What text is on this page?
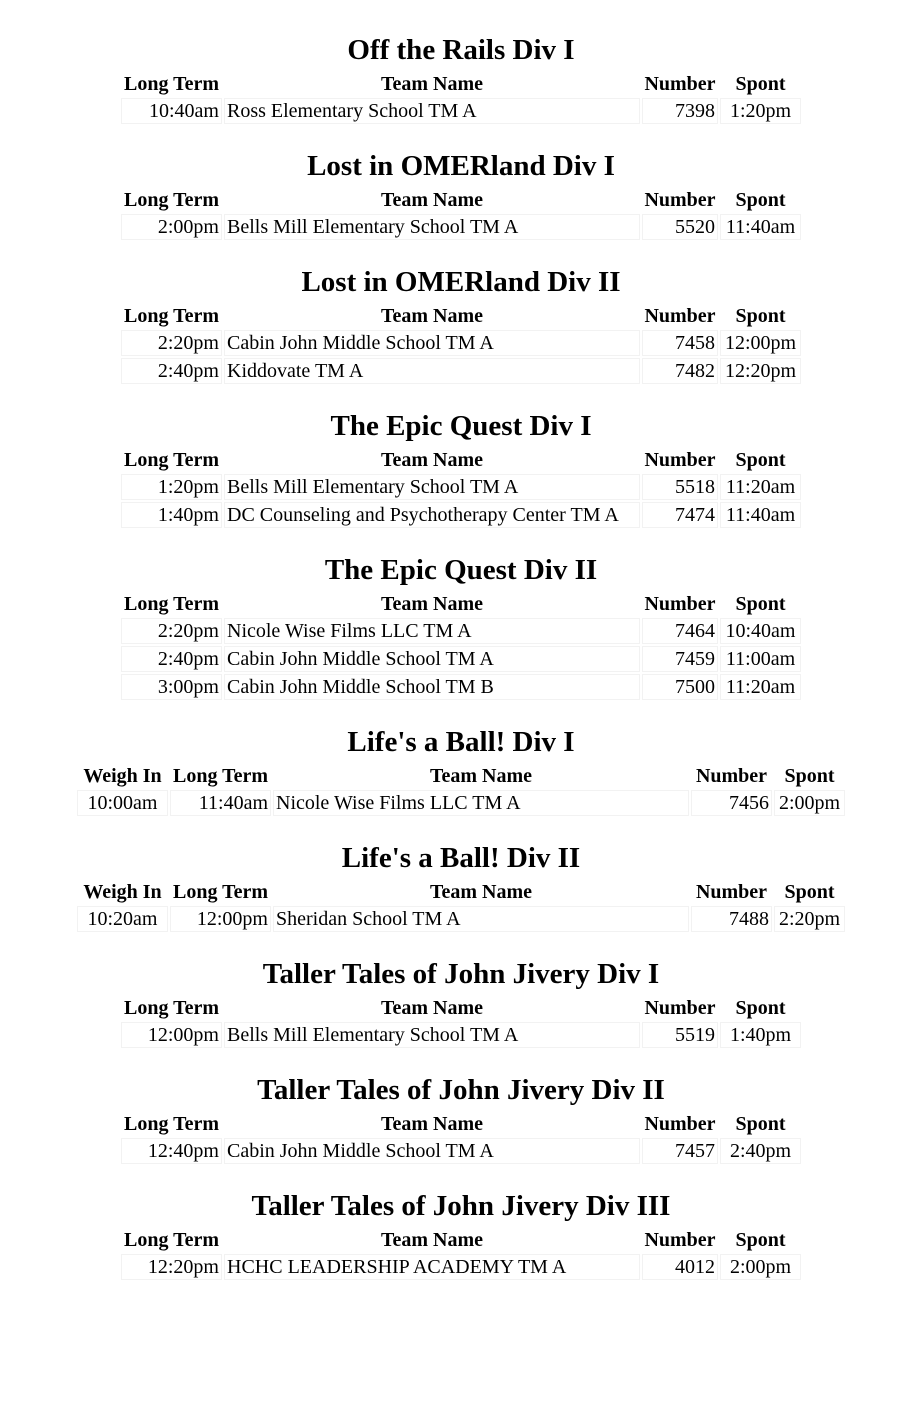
Off the Rails Div I
Long Term	Team Name	Number	Spont
10:40am	Ross Elementary School TM A	7398	1:20pm
Lost in OMERland Div I
Long Term	Team Name	Number	Spont
2:00pm	Bells Mill Elementary School TM A	5520	11:40am
Lost in OMERland Div II
Long Term	Team Name	Number	Spont
2:20pm	Cabin John Middle School TM A	7458	12:00pm
2:40pm	Kiddovate TM A	7482	12:20pm
The Epic Quest Div I
Long Term	Team Name	Number	Spont
1:20pm	Bells Mill Elementary School TM A	5518	11:20am
1:40pm	DC Counseling and Psychotherapy Center TM A	7474	11:40am
The Epic Quest Div II
Long Term	Team Name	Number	Spont
2:20pm	Nicole Wise Films LLC TM A	7464	10:40am
2:40pm	Cabin John Middle School TM A	7459	11:00am
3:00pm	Cabin John Middle School TM B	7500	11:20am
Life's a Ball! Div I
Weigh In	Long Term	Team Name	Number	Spont
10:00am	11:40am	Nicole Wise Films LLC TM A	7456	2:00pm
Life's a Ball! Div II
Weigh In	Long Term	Team Name	Number	Spont
10:20am	12:00pm	Sheridan School TM A	7488	2:20pm
Taller Tales of John Jivery Div I
Long Term	Team Name	Number	Spont
12:00pm	Bells Mill Elementary School TM A	5519	1:40pm
Taller Tales of John Jivery Div II
Long Term	Team Name	Number	Spont
12:40pm	Cabin John Middle School TM A	7457	2:40pm
Taller Tales of John Jivery Div III
Long Term	Team Name	Number	Spont
12:20pm	HCHC LEADERSHIP ACADEMY TM A	4012	2:00pm
